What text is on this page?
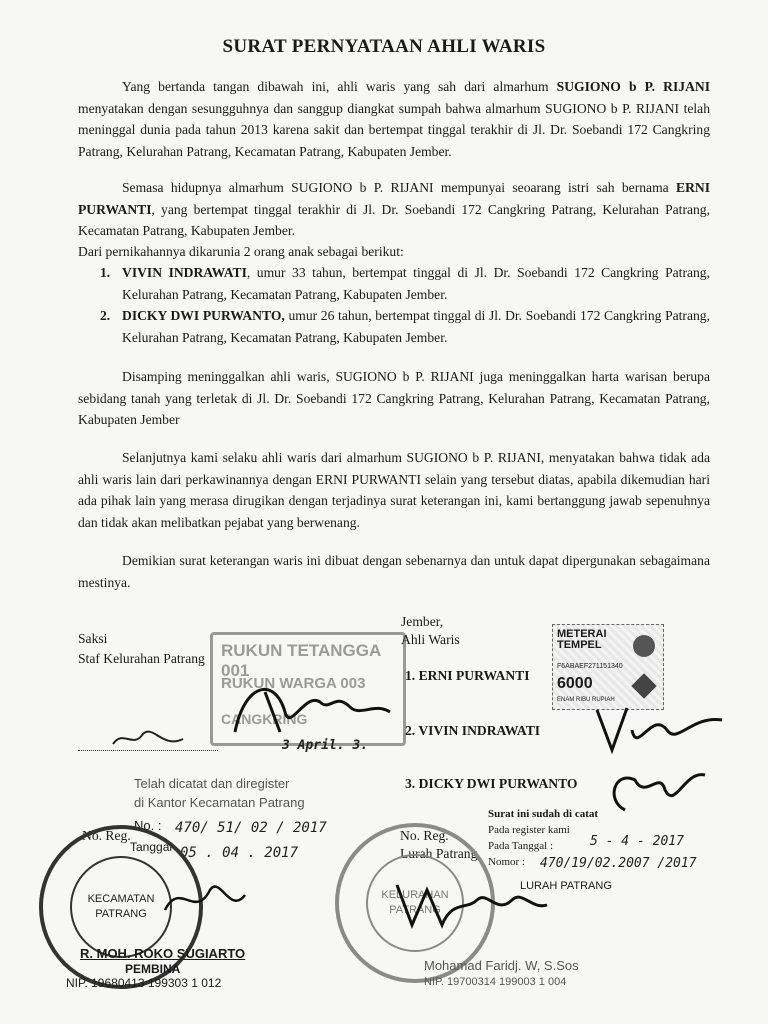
SURAT PERNYATAAN AHLI WARIS

Yang bertanda tangan dibawah ini, ahli waris yang sah dari almarhum SUGIONO b P. RIJANI menyatakan dengan sesungguhnya dan sanggup diangkat sumpah bahwa almarhum SUGIONO b P. RIJANI telah meninggal dunia pada tahun 2013 karena sakit dan bertempat tinggal terakhir di Jl. Dr. Soebandi 172 Cangkring Patrang, Kelurahan Patrang, Kecamatan Patrang, Kabupaten Jember.

Semasa hidupnya almarhum SUGIONO b P. RIJANI mempunyai seoarang istri sah bernama ERNI PURWANTI, yang bertempat tinggal terakhir di Jl. Dr. Soebandi 172 Cangkring Patrang, Kelurahan Patrang, Kecamatan Patrang, Kabupaten Jember.

Dari pernikahannya dikarunia 2 orang anak sebagai berikut:

1. VIVIN INDRAWATI, umur 33 tahun, bertempat tinggal di Jl. Dr. Soebandi 172 Cangkring Patrang, Kelurahan Patrang, Kecamatan Patrang, Kabupaten Jember.
2. DICKY DWI PURWANTO, umur 26 tahun, bertempat tinggal di Jl. Dr. Soebandi 172 Cangkring Patrang, Kelurahan Patrang, Kecamatan Patrang, Kabupaten Jember.

Disamping meninggalkan ahli waris, SUGIONO b P. RIJANI juga meninggalkan harta warisan berupa sebidang tanah yang terletak di Jl. Dr. Soebandi 172 Cangkring Patrang, Kelurahan Patrang, Kecamatan Patrang, Kabupaten Jember

Selanjutnya kami selaku ahli waris dari almarhum SUGIONO b P. RIJANI, menyatakan bahwa tidak ada ahli waris lain dari perkawinannya dengan ERNI PURWANTI selain yang tersebut diatas, apabila dikemudian hari ada pihak lain yang merasa dirugikan dengan terjadinya surat keterangan ini, kami bertanggung jawab sepenuhnya dan tidak akan melibatkan pejabat yang berwenang.

Demikian surat keterangan waris ini dibuat dengan sebenarnya dan untuk dapat dipergunakan sebagaimana mestinya.

RUKUN TETANGGA 001
RUKUN WARGA 003
CANGKRING
Saksi
Staf Kelurahan Patrang
3 April. 3.
Jember,
Ahli Waris
1. ERNI PURWANTI
2. VIVIN INDRAWATI
3. DICKY DWI PURWANTO
METERAI TEMPEL
F6ABAEF271151340
6000
ENAM RIBU RUPIAH
Telah dicatat dan diregister
di Kantor Kecamatan Patrang
No. Reg.
No. : 470/ 51/ 02 / 2017
Tanggal 05 . 04 . 2017
KECAMATAN
PATRANG
R. MOH. ROKO SUGIARTO
PEMBINA
NIP. 19680413 199303 1 012
No. Reg.
Lurah Patrang
Surat ini sudah di catat
Pada register kami
Pada Tanggal :	5 - 4 - 2017
Nomor : 470/19/02.2007 /2017
LURAH PATRANG
KELURAHAN
PATRANG
Mohamad Faridj. W, S.Sos
NIP. 19700314 199003 1 004
